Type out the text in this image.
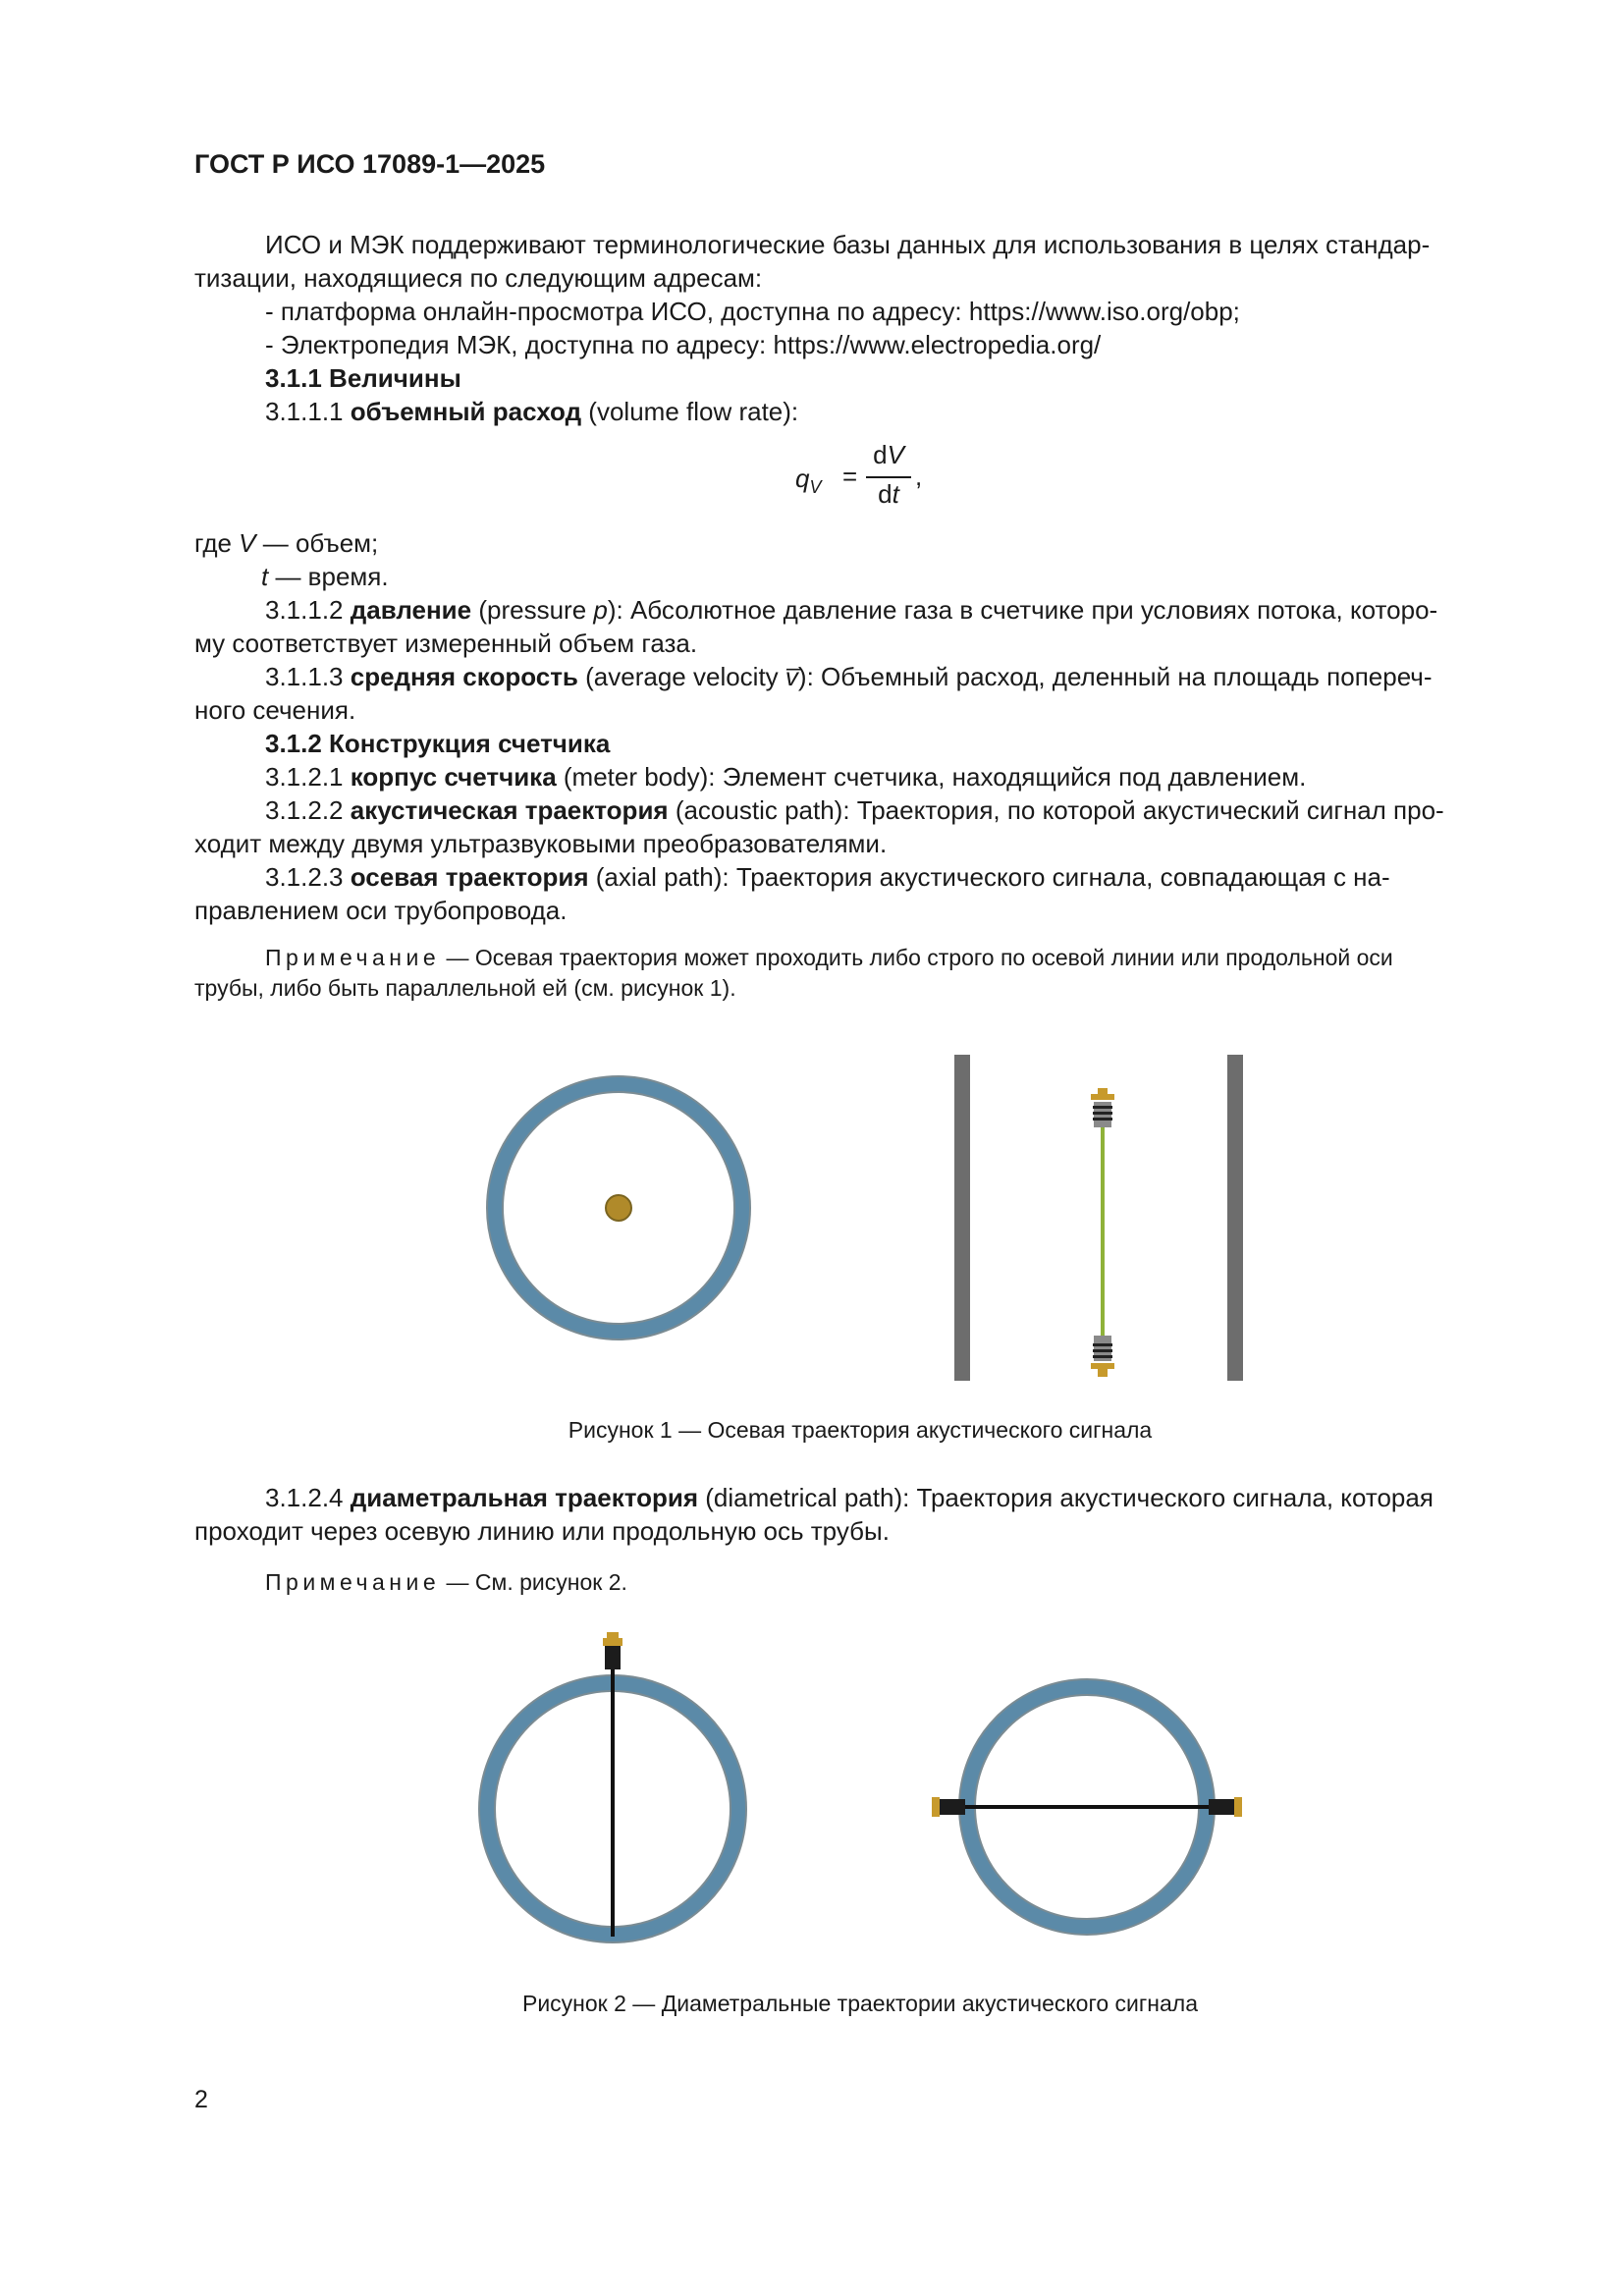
ГОСТ Р ИСО 17089-1—2025
ИСО и МЭК поддерживают терминологические базы данных для использования в целях стандар-
тизации, находящиеся по следующим адресам:
- платформа онлайн-просмотра ИСО, доступна по адресу: https://www.iso.org/obp;
- Электропедия МЭК, доступна по адресу: https://www.electropedia.org/
3.1.1 Величины
3.1.1.1 объемный расход (volume flow rate):
$q_V$ =
dV
dt
,
где V — объем;
t — время.
3.1.1.2 давление (pressure p): Абсолютное давление газа в счетчике при условиях потока, которо-
му соответствует измеренный объем газа.
3.1.1.3 средняя скорость (average velocity v̅): Объемный расход, деленный на площадь попереч-
ного сечения.
3.1.2 Конструкция счетчика
3.1.2.1 корпус счетчика (meter body): Элемент счетчика, находящийся под давлением.
3.1.2.2 акустическая траектория (acoustic path): Траектория, по которой акустический сигнал про-
ходит между двумя ультразвуковыми преобразователями.
3.1.2.3 осевая траектория (axial path): Траектория акустического сигнала, совпадающая с на-
правлением оси трубопровода.
Примечание — Осевая траектория может проходить либо строго по осевой линии или продольной оси
трубы, либо быть параллельной ей (см. рисунок 1).
Рисунок 1 — Осевая траектория акустического сигнала
3.1.2.4 диаметральная траектория (diametrical path): Траектория акустического сигнала, которая
проходит через осевую линию или продольную ось трубы.
Примечание — См. рисунок 2.
Рисунок 2 — Диаметральные траектории акустического сигнала
2
